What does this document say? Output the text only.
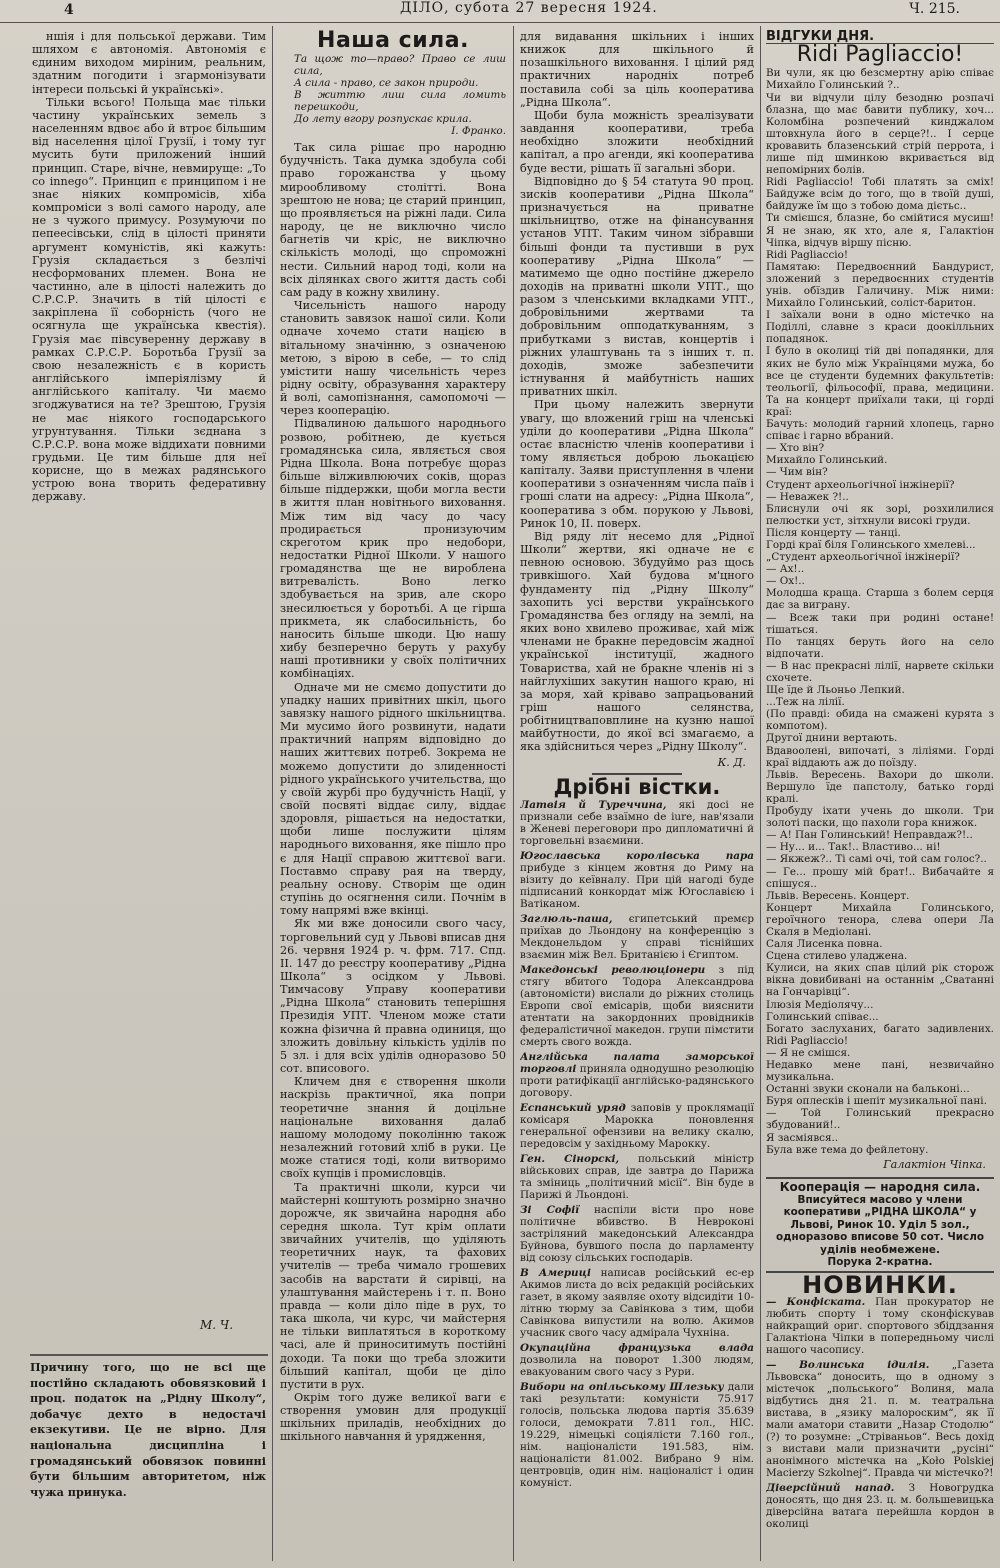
4	ДІЛО, субота 27 вересня 1924.	Ч. 215.

ншія і для польської держави. Тим шляхом є автономія. Автономія є єдиним виходом миріним, реальним, здатним погодити і згармонізувати інтереси польські й українські».

Тільки всього! Польща має тільки частину українських земель з населенням вдвоє або й втроє більшим від населення цілої Грузії, і тому туг мусить бути приложений інший принцип. Старе, вічне, невмируще: „To co innego“. Принцип є принципом і не знає ніяких компромісів, хіба компроміси з волі самого народу, але не з чужого примусу. Розумуючи по пепеесівськи, слід в цілості приняти аргумент комуністів, які кажуть: Грузія складається з безлічі несформованих племен. Вона не частинно, але в цілості належить до С.Р.С.Р. Значить в тій цілості є закріплена її соборність (чого не осягнула ще українська квестія). Грузія має півсуверенну державу в рамках С.Р.С.Р. Боротьба Грузії за свою незалежність є в користь англійського імперіялізму й англійського капіталу. Чи маємо згоджуватися на те? Зрештою, Грузія не має ніякого господарського угрунтування. Тільки зєднана з С.Р.С.Р. вона може віддихати повними грудьми. Це тим більше для неї корисне, що в межах радянського устрою вона творить федеративну державу.

М. Ч.

Причину того, що не всі ще постійно складають обовязковий і проц. податок на „Рідну Школу“, добачує дехто в недостачі екзекутиви. Це не вірно. Для національна дисципліна і громадянський обовязок повинні бути більшим авторитетом, ніж чужа принука.

Наша сила.
Та щож то—право? Право се лиш сила,
А сила - право, се закон природи.
В життю лиш сила ломить перешкоди,
До лету вгору розпускає крила.
І. Франко.

Так сила рішає про народню будучність. Така думка здобула собі право горожанства у цьому мирообливому столітті. Вона зрештою не нова; це старий принцип, що проявляється на ріжні лади. Сила народу, це не виключно число багнетів чи кріс, не виключно скількість молоді, що спроможні нести. Сильний народ тоді, коли на всіх ділянках свого життя дасть собі сам раду в кожну хвилину.

Чисельність нашого народу становить завязок нашої сили. Коли одначе хочемо стати нацією в вітальному значінню, з означеною метою, з вірою в себе, — то слід умістити нашу чисельність через рідну освіту, образування характеру й волі, самопізнання, самопомочі — через кооперацію.

Підвалиною дальшого народнього розвою, робітнею, де кується громадянська сила, являється своя Рідна Школа. Вона потребує щораз більше вілживлюючих соків, щораз більше піддержки, щоби могла вести в життя план новітнього виховання. Між тим від часу до часу продирається пронизуючим скреготом крик про недобори, недостатки Рідної Школи. У нашого громадянства ще не вироблена витревалість. Воно легко здобувається на зрив, але скоро знесилюється у боротьбі. А це гірша прикмета, як слабосильність, бо наносить більше шкоди. Цю нашу хибу безперечно беруть у рахубу наші противники у своїх політичних комбінаціях.

Одначе ми не смємо допустити до упадку наших привітних шкіл, цього завязку нашого рідного шкільництва. Ми мусимо його розвинути, надати практичний напрям відповідно до наших життєвих потреб. Зокрема не можемо допустити до злиденності рідного українського учительства, що у своїй журбі про будучність Нації, у своїй посвяті віддає силу, віддає здоровля, рішається на недостатки, щоби лише послужити цілям народнього виховання, яке пішло про є для Нації справою життєвої ваги. Поставмо справу рая на тверду, реальну основу. Створім ще один ступінь до осягнення сили. Почнім в тому напрямі вже вкінці.

Як ми вже доносили свого часу, торговельний суд у Львові вписав дня 26. червня 1924 р. ч. фрм. 717. Спд. II. 147 до реєстру кооперативу „Рідна Школа“ з осідком у Львові. Тимчасову Управу кооперативи „Рідна Школа“ становить теперішня Президія УПТ. Членом може стати кожна фізична й правна одиниця, що зложить довільну кількість уділів по 5 зл. і для всіх уділів одноразово 50 сот. вписового.

Кличем дня є створення школи наскрізь практичної, яка попри теоретичне знання й доцільне національне виховання далаб нашому молодому поколінню також незалежний готовий хліб в руки. Це може статися тоді, коли витворимо своїх купців і промисловців.

Та практичні школи, курси чи майстерні коштують розмірно значно дорожче, як звичайна народня або середня школа. Тут крім оплати звичайних учителів, що уділяють теоретичних наук, та фахових учителів — треба чимало грошевих засобів на варстати й сирівці, на улаштування майстерень і т. п. Воно правда — коли діло піде в рух, то така школа, чи курс, чи майстерня не тільки виплатяться в короткому часі, але й приноситимуть постійні доходи. Та поки що треба зложити більший капітал, щоби це діло пустити в рух.

Окрім того дуже великої ваги є створення умовин для продукції шкільних приладів, необхідних до шкільного навчання й урядження,

для видавання шкільних і інших книжок для шкільного й позашкільного виховання. І цілий ряд практичних народніх потреб поставила собі за ціль кооператива „Рідна Школа“.

Щоби була можність зреалізувати завдання кооперативи, треба необхідно зложити необхідний капітал, а про агенди, які кооператива буде вести, рішать її загальні збори.

Відповідно до § 54 статута 90 проц. зисків кооперативи „Рідна Школа“ призначується на приватне шкільництво, отже на фінансування установ УПТ. Таким чином зібравши більші фонди та пустивши в рух кооперативу „Рідна Школа“ — матимемо ще одно постійне джерело доходів на приватні школи УПТ., що разом з членськими вкладками УПТ., добровільними жертвами та добровільним опподаткуванням, з прибутками з вистав, концертів і ріжних улаштувань та з інших т. п. доходів, зможе забезпечити істнування й майбутність наших приватних шкіл.

При цьому належить звернути увагу, що вложений гріш на членські уділи до кооперативи „Рідна Школа“ остає власністю членів кооперативи і тому являється доброю льокацією капіталу. Заяви приступлення в члени кооперативи з означенням числа паїв і гроші слати на адресу: „Рідна Школа“, кооператива з обм. порукою у Львові, Ринок 10, II. поверх.

Від ряду літ несемо для „Рідної Школи“ жертви, які одначе не є певною основою. Збудуймо раз щось тривкішого. Хай будова м'цного фундаменту під „Рідну Школу“ захопить усі верстви українського Громадянства без огляду на землі, на яких воно хвилево проживає, хай між членами не бракне передовсім жадної української інституції, жадного Товариства, хай не бракне членів ні з найглухіших закутин нашого краю, ні за моря, хай кріваво запрацьований гріш нашого селянства, робітництваповплине на кузню нашої майбутности, до якої всі змагаємо, а яка здійсниться через „Рідну Школу“.

К. Д.
Дрібні вістки.

Латвія й Туреччина, які досі не признали себе взаїмно de iure, нав'язали в Женеві переговори про дипломатичні й торговельні взаємини.

Югославська королівська пара прибуде з кінцем жовтня до Риму на візиту до кеївналу. При цій нагоді буде підписаний конкордат між Югославією і Ватіканом.

Заглюль-паша, єгипетський премєр приїхав до Льондону на конференцію з Мекдонельдом у справі тіснійших взаємин між Вел. Британією і Єгиптом.

Македонські революціонери з під стягу вбитого Тодора Александрова (автономісти) вислали до ріжних столиць Европи свої емісарів, щоби вияснити атентати на закордонних провідників федералістичної македон. групи пімстити смерть свого вожда.

Англійська палата заморської торговлі приняла однодушно резолюцію проти ратифікації англійсько-радянського договору.

Еспанський уряд заповів у проклямації комісаря Марокка поновлення генеральної офензиви на велику скалю, передовсім у західньому Марокку.

Ген. Сінорскі, польський міністр військових справ, іде завтра до Парижа та зміниць „політичний місії“. Він буде в Парижі й Льондоні.

Зі Софії наспіли вісти про нове політичне вбивство. В Невроконі застріляний македонський Александра Буйнова, бувшого посла до парламенту від союзу сільських господарів.

В Америці написав російський ес-ер Акимов листа до всіх редакцій російських газет, в якому заявляє охоту відсидіти 10-літню тюрму за Савінкова з тим, щоби Савінкова випустили на волю. Акимов учасник свого часу адмірала Чухніна.

Окупаційна французька влада дозволила на поворот 1.300 людям, евакуованим свого часу з Рури.

Вибори на опільському Шлезьку дали такі результати: комуністи 75.917 голосів, польська людова партія 35.639 голоси, демократи 7.811 гол., НІС. 19.229, німецькі соціялісти 7.160 гол., нім. націоналісти 191.583, нім. націоналісти 81.002. Вибрано 9 нім. центровців, один нім. націоналіст і один комуніст.

ВІДГУКИ ДНЯ.
Ridi Pagliaccio!

Ви чули, як цю безсмертну арію співає Михайло Голинський ?..

Чи ви відчули цілу безодню розпачі блазна, що має бавити публику, хоч... Коломбіна розпечений кинджалом штовхнула його в серце?!.. І серце кровавить блазенський стрій перрота, і лише під шминкою вкривається від непомірних болів.

Ridi Pagliaccio! Тобі платять за сміх! Байдуже всім до того, що в твоїй душі, байдуже їм що з тобою дома дієтьс..

Ти смієшся, блазне, бо смійтися мусиш! Я не знаю, як хто, але я, Галактіон Чіпка, відчув віршу пісню.

Ridi Pagliaccio!

Памятаю: Передвоєнний Бандурист, зложений з передвоєнних студентів унів. обїздив Галичину. Між ними: Михайло Голинський, соліст-баритон.

І заїхали вони в одно містечко на Поділлі, славне з краси доокілльних попадянок.

І було в околиці тій дві попадянки, для яких не було між Українцями мужа, бо все це студенти будемних факультетів: теольогії, фільософії, права, медицини. Та на концерт приїхали таки, ці горді краї:

Бачуть: молодий гарний хлопець, гарно співає і гарно вбраний.

— Хто він?

Михайло Голинський.

— Чим він?

Студент археольогічної інжінерії?

— Неважек ?!..

Блиснули очі як зорі, розхилилися пелюстки уст, зітхнули високі груди.

Після концерту — танці.

Горді краї біля Голинського хмелеві...

„Студент археольогічної інжінерії?

— Ах!..

— Ох!..

Молодша краща. Старша з болем серця дає за вигрaну.

— Всеж таки при родині остане! тішаться.

По танцях беруть його на село відпочати.

— В нас прекрасні лілії, нарвете скільки схочете.

Ще їде й Льоньо Лепкий.

...Теж на лілії.

(По правді: обида на смажені курята з компотом).

Другої днини вертають.

Вдавоолені, випочаті, з ліліями. Горді краї віддають аж до поїзду.

Львів. Вересень. Вахори до школи. Вершуло їде папстолу, батько горді кралі.

Пробуду іхати учень до школи. Три золоті паски, що пахоли гора книжок.

— А! Пан Голинський! Неправдаж?!..

— Ну... и... Так!.. Властиво... ні!

— Якжеж?.. Ті самі очі, той сам голос?..

— Ге... прошу мій брат!.. Вибачайте я спішуся..

Львів. Вересень. Концерт.

Концерт Михайла Голинського, героїчного тенора, слева опери Ла Скаля в Медіолані.

Саля Лисенка повна.

Сцена стилево уладжена.

Кулиси, на яких спав цілий рік сторож вікна довибивані на останнім „Сватанні на Гончарівці“.

Ілюзія Медіолячу...

Голинський співає...

Богато заслуханих, багато задивлених. Ridi Pagliaccio!

— Я не смішся.

Недавко мене пані, незвичайно музикальна.

Останні звуки сконали на бальконі...

Буря оплесків і шепіт музикальної пані.

— Той Голинський прекрасно збудований!..

Я засміявся..

Була вже тема до фейлетону.

Галактіон Чіпка.
Кооперація — народня сила.
Вписуйтеся масово у члени кооперативи „РІДНА ШКОЛА“ у Львові, Ринок 10. Уділ 5 зол., одноразово вписове 50 сот. Число уділів необмежене.
Порука 2-кратна.
НОВИНКИ.

— Конфіската. Пан прокуратор не любить спорту і тому сконфіскував найкращий ориг. спортового збіддзання Галактіона Чіпки в попередньому числі нашого часопису.

— Волинська ідилія. „Газета Львовска“ доносить, що в одному з містечок „польського“ Волиня, мала відбутись дня 21. п. м. театральна вистава, в „язику малороским“, як її мали аматори ставити „Назар Стодолю“ (?) то розумне: „Стріваньов“. Весь дохід з вистави мали призначити „русіні“ анонімного містечка на „Koło Polskiej Macierzy Szkolnej“. Правда чи містечко?!

Діверсійний напад. З Новогрудка доносять, що дня 23. ц. м. большевицька діверсійна ватага перейшла кордон в околиці
